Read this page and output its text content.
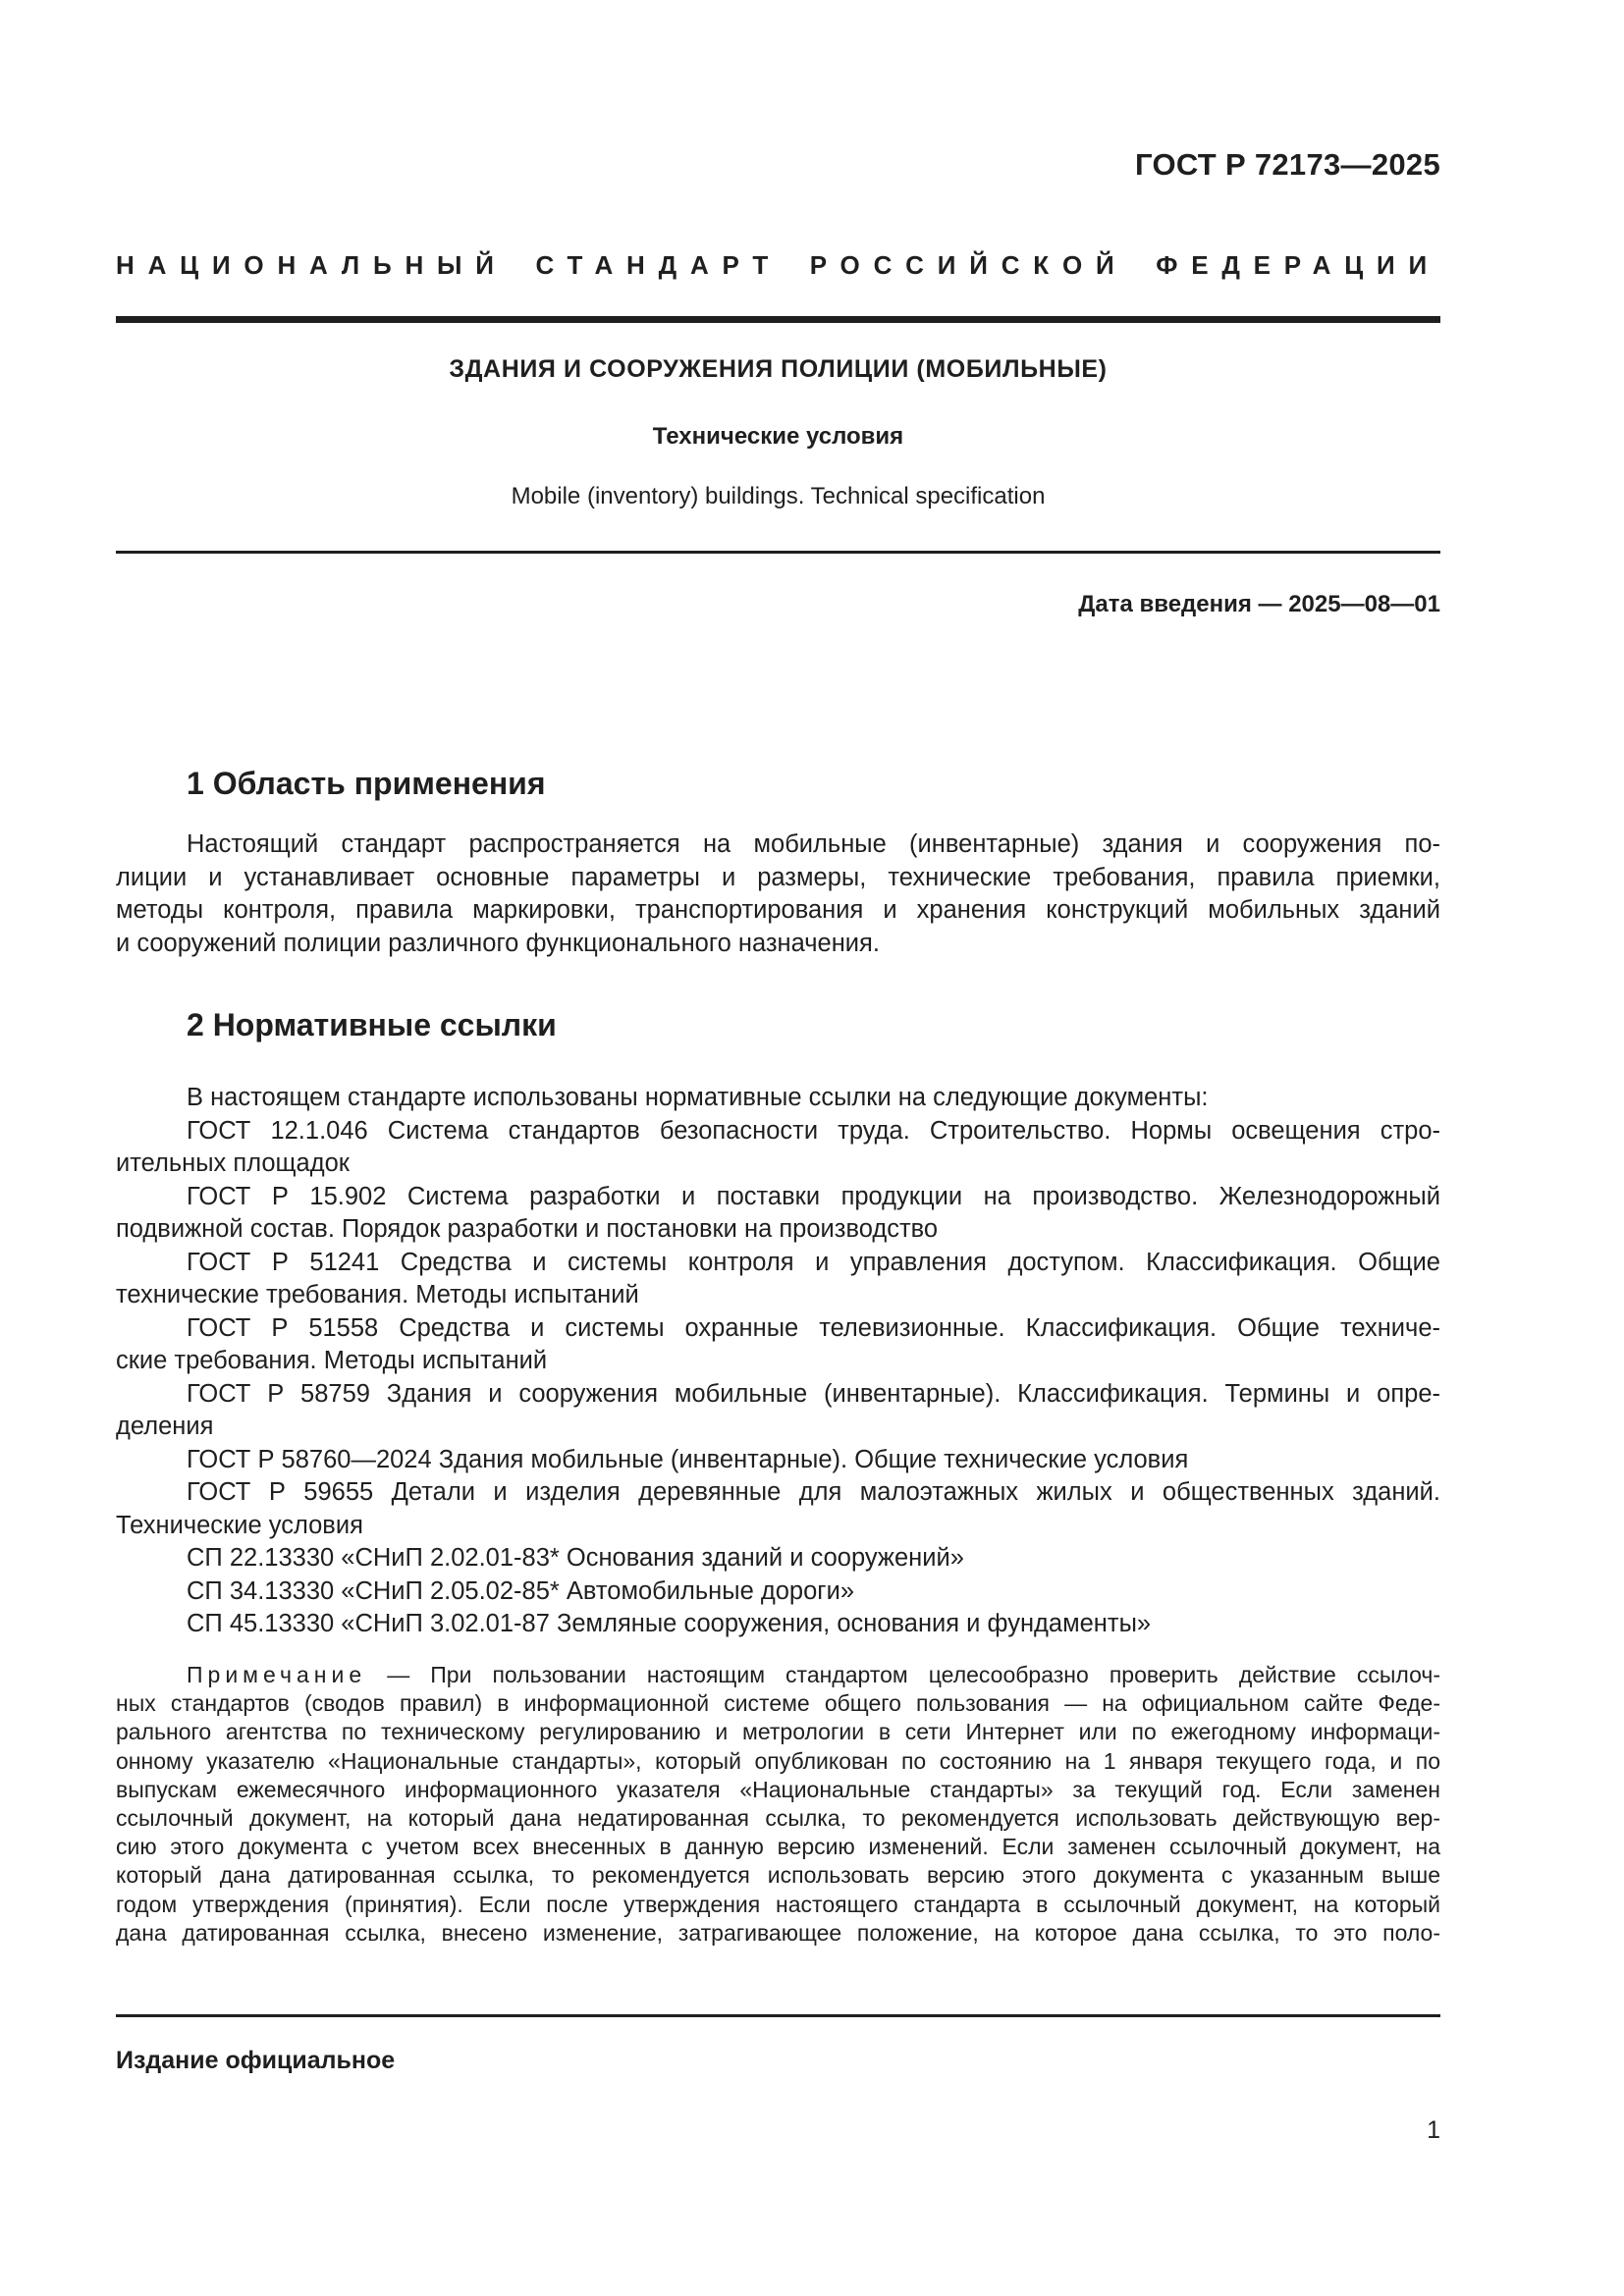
ГОСТ Р 72173—2025
НАЦИОНАЛЬНЫЙ СТАНДАРТ РОССИЙСКОЙ ФЕДЕРАЦИИ
ЗДАНИЯ И СООРУЖЕНИЯ ПОЛИЦИИ (МОБИЛЬНЫЕ)
Технические условия
Mobile (inventory) buildings. Technical specification
Дата введения — 2025—08—01
1 Область применения
Настоящий стандарт распространяется на мобильные (инвентарные) здания и сооружения по-
лиции и устанавливает основные параметры и размеры, технические требования, правила приемки,
методы контроля, правила маркировки, транспортирования и хранения конструкций мобильных зданий
и сооружений полиции различного функционального назначения.
2 Нормативные ссылки
В настоящем стандарте использованы нормативные ссылки на следующие документы:
ГОСТ 12.1.046 Система стандартов безопасности труда. Строительство. Нормы освещения стро-
ительных площадок
ГОСТ Р 15.902 Система разработки и поставки продукции на производство. Железнодорожный
подвижной состав. Порядок разработки и постановки на производство
ГОСТ Р 51241 Средства и системы контроля и управления доступом. Классификация. Общие
технические требования. Методы испытаний
ГОСТ Р 51558 Средства и системы охранные телевизионные. Классификация. Общие техниче-
ские требования. Методы испытаний
ГОСТ Р 58759 Здания и сооружения мобильные (инвентарные). Классификация. Термины и опре-
деления
ГОСТ Р 58760—2024 Здания мобильные (инвентарные). Общие технические условия
ГОСТ Р 59655 Детали и изделия деревянные для малоэтажных жилых и общественных зданий.
Технические условия
СП 22.13330 «СНиП 2.02.01-83* Основания зданий и сооружений»
СП 34.13330 «СНиП 2.05.02-85* Автомобильные дороги»
СП 45.13330 «СНиП 3.02.01-87 Земляные сооружения, основания и фундаменты»
Примечание — При пользовании настоящим стандартом целесообразно проверить действие ссылоч-
ных стандартов (сводов правил) в информационной системе общего пользования — на официальном сайте Феде-
рального агентства по техническому регулированию и метрологии в сети Интернет или по ежегодному информаци-
онному указателю «Национальные стандарты», который опубликован по состоянию на 1 января текущего года, и по
выпускам ежемесячного информационного указателя «Национальные стандарты» за текущий год. Если заменен
ссылочный документ, на который дана недатированная ссылка, то рекомендуется использовать действующую вер-
сию этого документа с учетом всех внесенных в данную версию изменений. Если заменен ссылочный документ, на
который дана датированная ссылка, то рекомендуется использовать версию этого документа с указанным выше
годом утверждения (принятия). Если после утверждения настоящего стандарта в ссылочный документ, на который
дана датированная ссылка, внесено изменение, затрагивающее положение, на которое дана ссылка, то это поло-
Издание официальное
1
